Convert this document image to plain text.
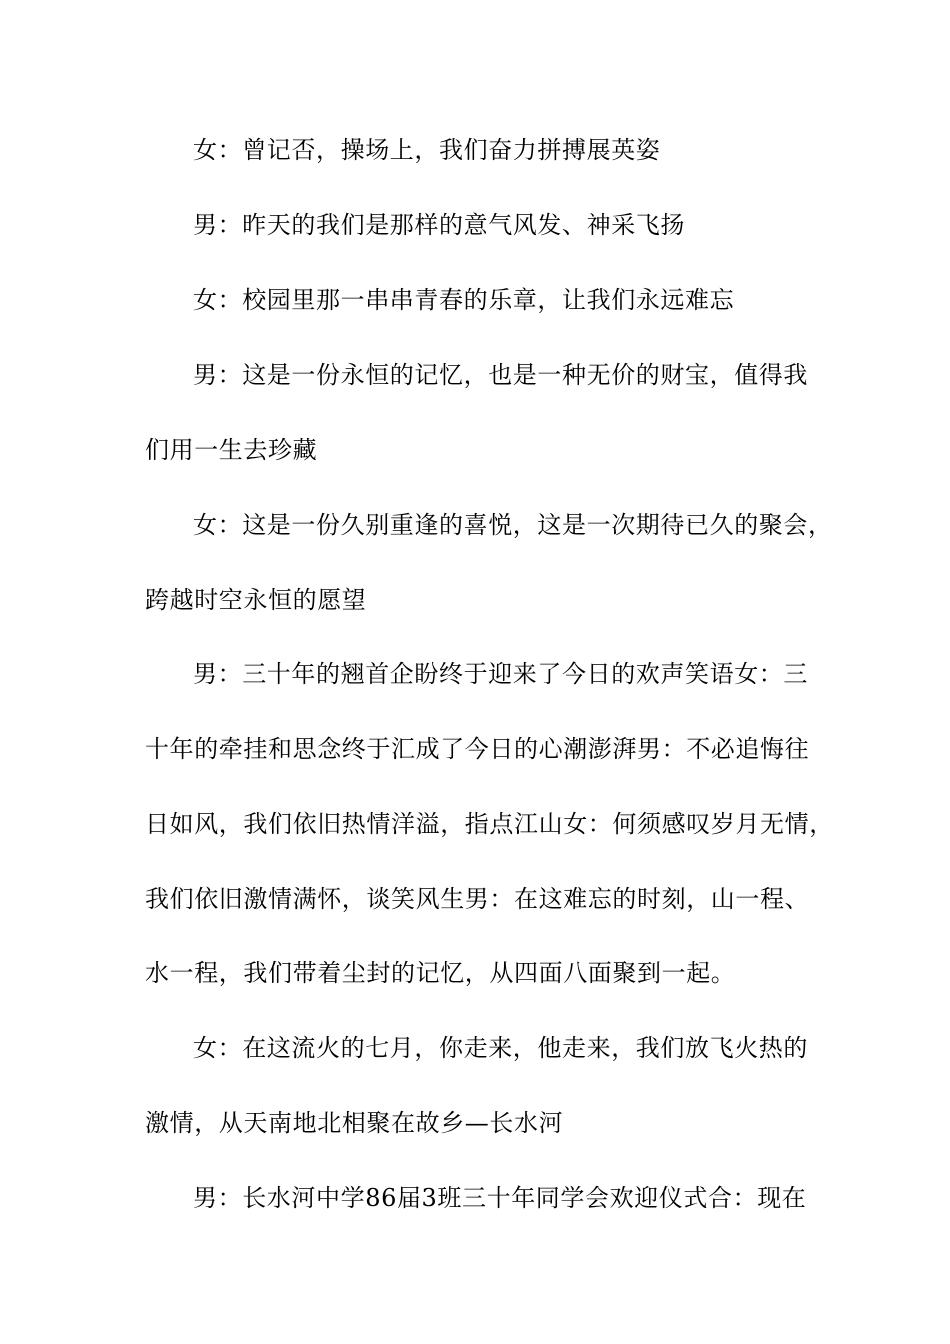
女：曾记否，操场上，我们奋力拼搏展英姿
男：昨天的我们是那样的意气风发、神采飞扬
女：校园里那一串串青春的乐章，让我们永远难忘
男：这是一份永恒的记忆，也是一种无价的财宝，值得我
们用一生去珍藏
女：这是一份久别重逢的喜悦，这是一次期待已久的聚会，
跨越时空永恒的愿望
男：三十年的翘首企盼终于迎来了今日的欢声笑语女：三
十年的牵挂和思念终于汇成了今日的心潮澎湃男：不必追悔往
日如风，我们依旧热情洋溢，指点江山女：何须感叹岁月无情，
我们依旧激情满怀，谈笑风生男：在这难忘的时刻，山一程、
水一程，我们带着尘封的记忆，从四面八面聚到一起。
女：在这流火的七月，你走来，他走来，我们放飞火热的
激情，从天南地北相聚在故乡—长水河
男：长水河中学86届3班三十年同学会欢迎仪式合：现在
